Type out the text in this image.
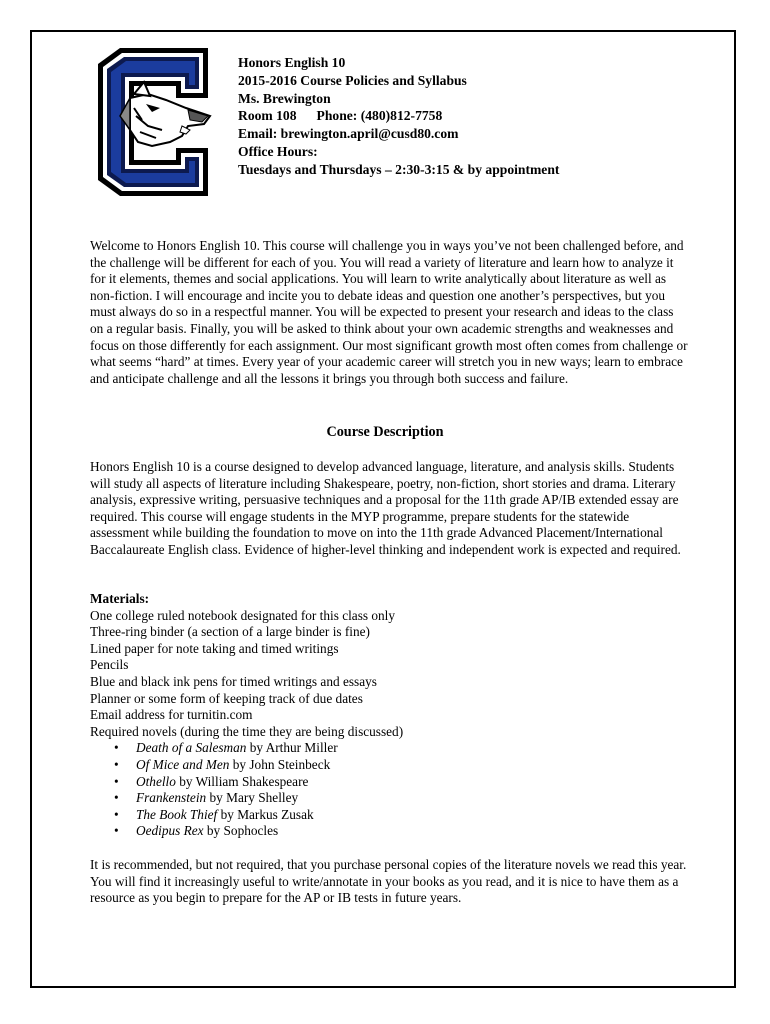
Honors English 10
2015-2016 Course Policies and Syllabus
Ms. Brewington
Room 108 Phone: (480)812-7758
Email: brewington.april@cusd80.com
Office Hours:
Tuesdays and Thursdays – 2:30-3:15 & by appointment

Welcome to Honors English 10. This course will challenge you in ways you’ve not been challenged before, and the challenge will be different for each of you. You will read a variety of literature and learn how to analyze it for it elements, themes and social applications. You will learn to write analytically about literature as well as non-fiction. I will encourage and incite you to debate ideas and question one another’s perspectives, but you must always do so in a respectful manner. You will be expected to present your research and ideas to the class on a regular basis. Finally, you will be asked to think about your own academic strengths and weaknesses and focus on those differently for each assignment. Our most significant growth most often comes from challenge or what seems “hard” at times. Every year of your academic career will stretch you in new ways; learn to embrace and anticipate challenge and all the lessons it brings you through both success and failure.

Course Description

Honors English 10 is a course designed to develop advanced language, literature, and analysis skills. Students will study all aspects of literature including Shakespeare, poetry, non-fiction, short stories and drama. Literary analysis, expressive writing, persuasive techniques and a proposal for the 11th grade AP/IB extended essay are required. This course will engage students in the MYP programme, prepare students for the statewide assessment while building the foundation to move on into the 11th grade Advanced Placement/International Baccalaureate English class. Evidence of higher-level thinking and independent work is expected and required.

Materials:
One college ruled notebook designated for this class only
Three-ring binder (a section of a large binder is fine)
Lined paper for note taking and timed writings
Pencils
Blue and black ink pens for timed writings and essays
Planner or some form of keeping track of due dates
Email address for turnitin.com
Required novels (during the time they are being discussed)
• Death of a Salesman by Arthur Miller
• Of Mice and Men by John Steinbeck
• Othello by William Shakespeare
• Frankenstein by Mary Shelley
• The Book Thief by Markus Zusak
• Oedipus Rex by Sophocles

It is recommended, but not required, that you purchase personal copies of the literature novels we read this year. You will find it increasingly useful to write/annotate in your books as you read, and it is nice to have them as a resource as you begin to prepare for the AP or IB tests in future years.
